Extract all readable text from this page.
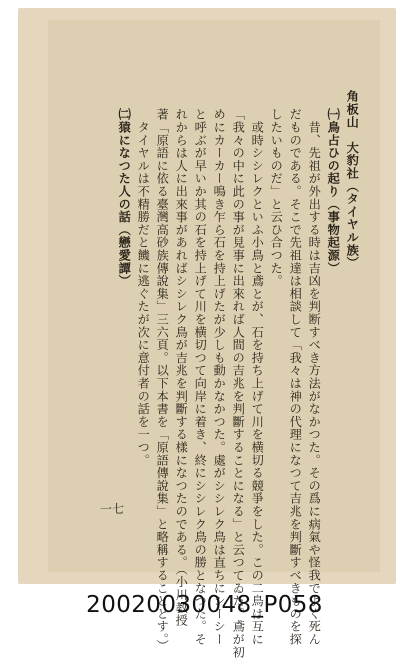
角板山　大豹社（タイヤル族）
㈠鳥占ひの起り（事物起源）
　昔、先祖が外出する時は吉凶を判断すべき方法がなかつた。その爲に病氣や怪我でよく死ん
だものである。そこで先祖達は相談して「我々は神の代理になつて吉兆を判斷すべきものを探
したいものだ」と云ひ合つた。
　或時シシレクといふ小鳥と鳶とが、石を持ち上げて川を横切る競爭をした。この二鳥は互に
「我々の中に此の事が見事に出來れば人間の吉兆を判斷することになる」と云つてゐた。鳶が初
めにカーカー鳴き乍ら石を持上げたが少しも動かなかつた。處がシシレク鳥は直ちにシーシー
と呼ぶが早いか其の石を持上げて川を横切つて向岸に着き、終にシシレク鳥の勝となつた。そ
れからは人に出來事があればシシレク鳥が吉兆を判斷する樣になつたのである。（小川教授
著「原語に依る臺灣高砂族傳說集」三六頁。以下本書を「原語傳說集」と略稱することとす。）
　タイヤルは不精勝だと饑に逃ぐたが次に意付者の話を一つ。
㈡猿になつた人の話（戀愛譚）
一七
20020030048_P058
